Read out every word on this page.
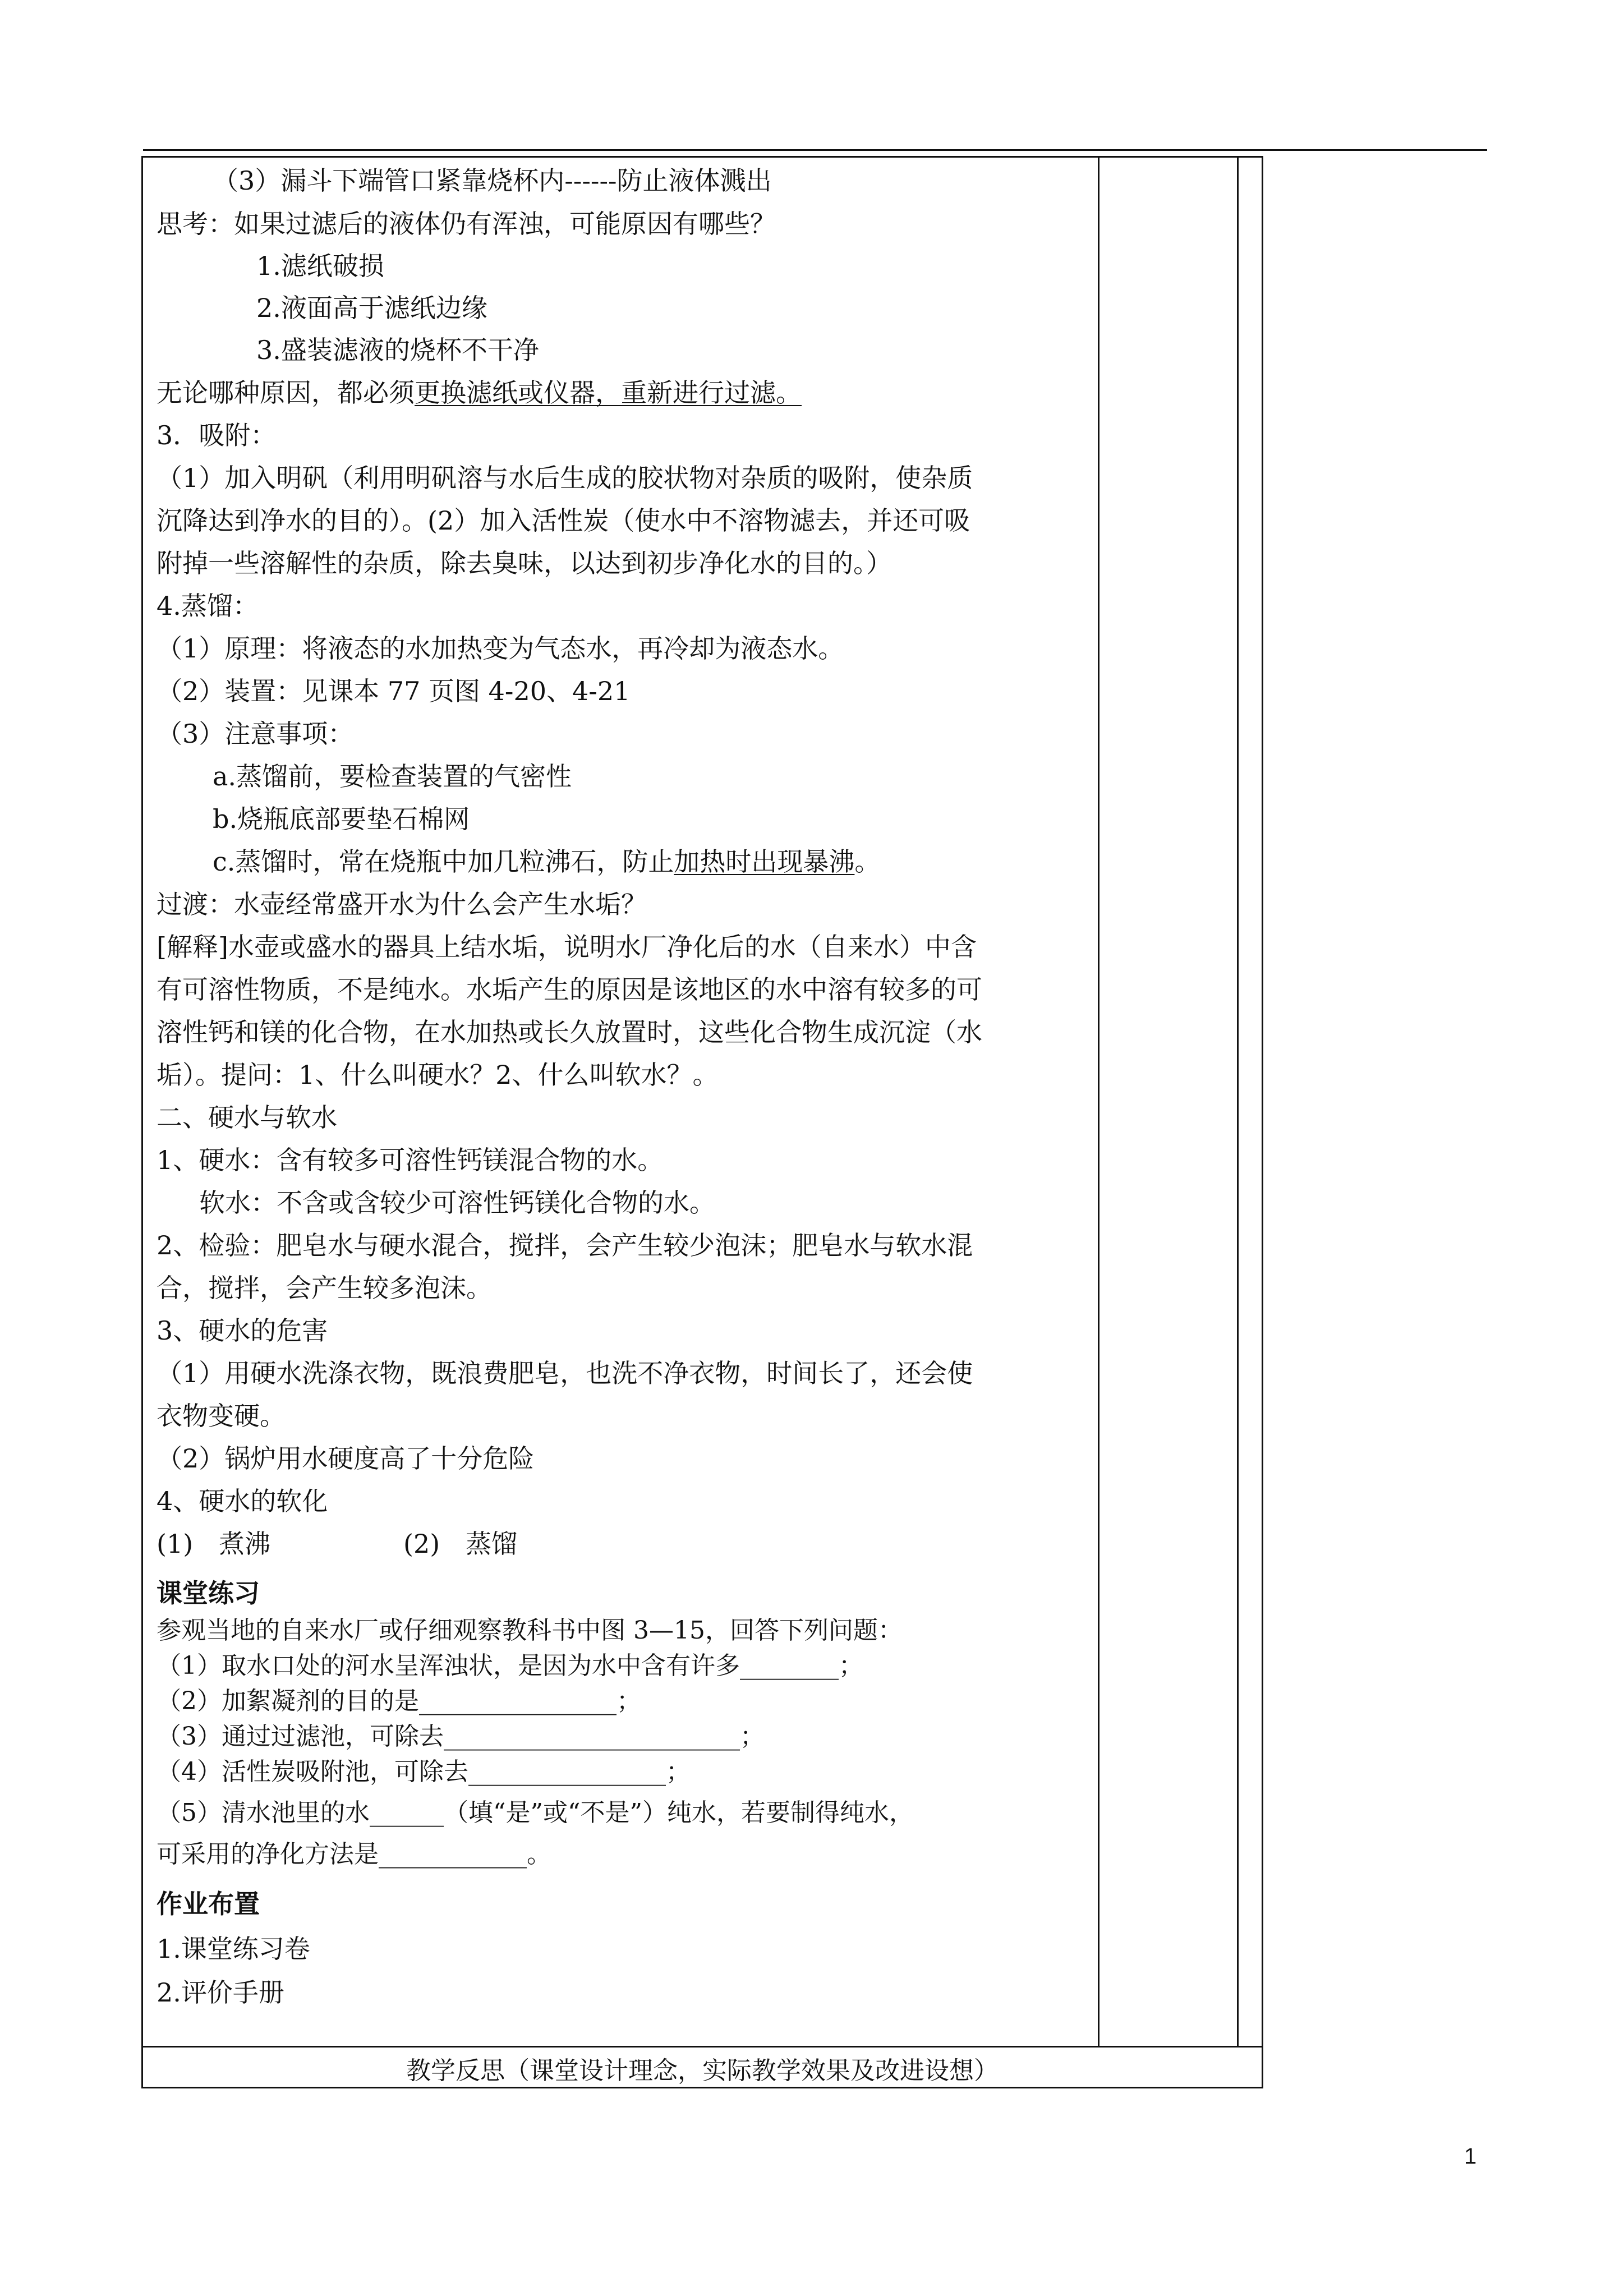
（3）漏斗下端管口紧靠烧杯内------防止液体溅出
思考：如果过滤后的液体仍有浑浊，可能原因有哪些？
1.滤纸破损
2.液面高于滤纸边缘
3.盛装滤液的烧杯不干净
无论哪种原因，都必须更换滤纸或仪器，重新进行过滤。
3．吸附：
（1）加入明矾（利用明矾溶与水后生成的胶状物对杂质的吸附，使杂质
沉降达到净水的目的）。(2）加入活性炭（使水中不溶物滤去，并还可吸
附掉一些溶解性的杂质，除去臭味，以达到初步净化水的目的。）
4.蒸馏：
（1）原理：将液态的水加热变为气态水，再冷却为液态水。
（2）装置：见课本 77 页图 4-20、4-21
（3）注意事项：
a.蒸馏前，要检查装置的气密性
b.烧瓶底部要垫石棉网
c.蒸馏时，常在烧瓶中加几粒沸石，防止加热时出现暴沸。
过渡：水壶经常盛开水为什么会产生水垢？
[解释]水壶或盛水的器具上结水垢，说明水厂净化后的水（自来水）中含
有可溶性物质，不是纯水。水垢产生的原因是该地区的水中溶有较多的可
溶性钙和镁的化合物，在水加热或长久放置时，这些化合物生成沉淀（水
垢）。提问：1、什么叫硬水？2、什么叫软水？。
二、硬水与软水
1、硬水：含有较多可溶性钙镁混合物的水。
软水：不含或含较少可溶性钙镁化合物的水。
2、检验：肥皂水与硬水混合，搅拌，会产生较少泡沫；肥皂水与软水混
合，搅拌，会产生较多泡沫。
3、硬水的危害
（1）用硬水洗涤衣物，既浪费肥皂，也洗不净衣物，时间长了，还会使
衣物变硬。
（2）锅炉用水硬度高了十分危险
4、硬水的软化
(1)　煮沸	(2)　蒸馏
课堂练习
参观当地的自来水厂或仔细观察教科书中图 3—15，回答下列问题：
（1）取水口处的河水呈浑浊状，是因为水中含有许多________；
（2）加絮凝剂的目的是________________；
（3）通过过滤池，可除去________________________；
（4）活性炭吸附池，可除去________________；
（5）清水池里的水______（填“是”或“不是”）纯水，若要制得纯水，
可采用的净化方法是____________。
作业布置
1.课堂练习卷
2.评价手册
教学反思（课堂设计理念，实际教学效果及改进设想）
1
